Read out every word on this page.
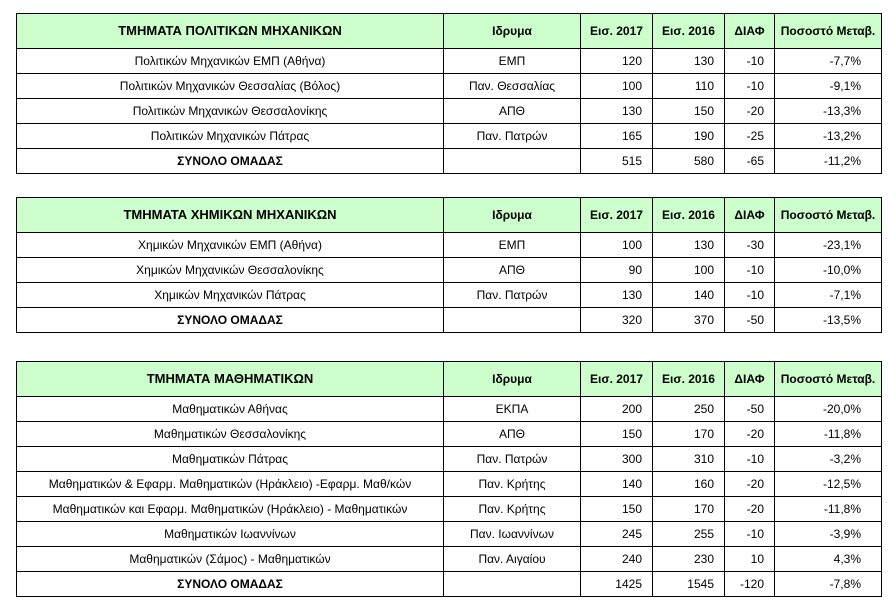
ΤΜΗΜΑΤΑ ΠΟΛΙΤΙΚΩΝ ΜΗΧΑΝΙΚΩΝ	Ιδρυμα	Εισ. 2017	Εισ. 2016	ΔΙΑΦ	Ποσοστό Μεταβ.
Πολιτικών Μηχανικών ΕΜΠ (Αθήνα)	ΕΜΠ	120	130	-10	-7,7%
Πολιτικών Μηχανικών Θεσσαλίας (Βόλος)	Παν. Θεσσαλίας	100	110	-10	-9,1%
Πολιτικών Μηχανικών Θεσσαλονίκης	ΑΠΘ	130	150	-20	-13,3%
Πολιτικών Μηχανικών Πάτρας	Παν. Πατρών	165	190	-25	-13,2%
ΣΥΝΟΛΟ ΟΜΑΔΑΣ		515	580	-65	-11,2%
ΤΜΗΜΑΤΑ ΧΗΜΙΚΩΝ ΜΗΧΑΝΙΚΩΝ	Ιδρυμα	Εισ. 2017	Εισ. 2016	ΔΙΑΦ	Ποσοστό Μεταβ.
Χημικών Μηχανικών ΕΜΠ (Αθήνα)	ΕΜΠ	100	130	-30	-23,1%
Χημικών Μηχανικών Θεσσαλονίκης	ΑΠΘ	90	100	-10	-10,0%
Χημικών Μηχανικών Πάτρας	Παν. Πατρών	130	140	-10	-7,1%
ΣΥΝΟΛΟ ΟΜΑΔΑΣ		320	370	-50	-13,5%
ΤΜΗΜΑΤΑ ΜΑΘΗΜΑΤΙΚΩΝ	Ιδρυμα	Εισ. 2017	Εισ. 2016	ΔΙΑΦ	Ποσοστό Μεταβ.
Μαθηματικών Αθήνας	ΕΚΠΑ	200	250	-50	-20,0%
Μαθηματικών Θεσσαλονίκης	ΑΠΘ	150	170	-20	-11,8%
Μαθηματικών Πάτρας	Παν. Πατρών	300	310	-10	-3,2%
Μαθηματικών & Εφαρμ. Μαθηματικών (Ηράκλειο) -Εφαρμ. Μαθ/κών	Παν. Κρήτης	140	160	-20	-12,5%
Μαθηματικών και Εφαρμ. Μαθηματικών (Ηράκλειο) - Μαθηματικών	Παν. Κρήτης	150	170	-20	-11,8%
Μαθηματικών Ιωαννίνων	Παν. Ιωαννίνων	245	255	-10	-3,9%
Μαθηματικών (Σάμος) - Μαθηματικών	Παν. Αιγαίου	240	230	10	4,3%
ΣΥΝΟΛΟ ΟΜΑΔΑΣ		1425	1545	-120	-7,8%
